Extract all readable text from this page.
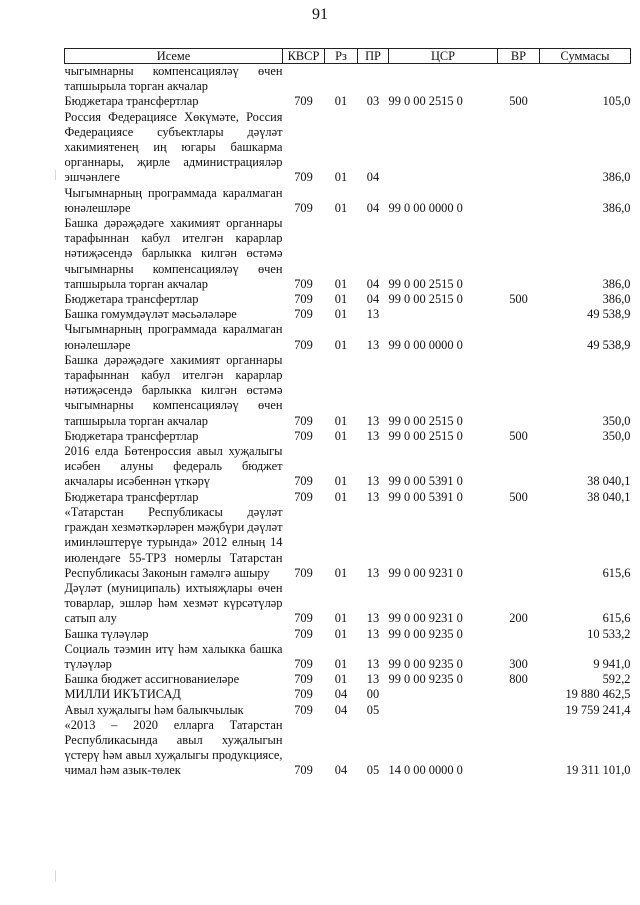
91
Исеме	КВСР	Рз	ПР	ЦСР	ВР	Суммасы
чыгымнарны компенсацияләү өчен тапшырыла торган акчалар						
Бюджетара трансфертлар	709	01	03	99 0 00 2515 0	500	105,0
Россия Федерациясе Хөкүмәте, Россия Федерациясе субъектлары дәүләт хакимиятенең иң югары башкарма органнары, җирле администрацияләр эшчәнлеге	709	01	04			386,0
Чыгымнарның программада каралмаган юнәлешләре	709	01	04	99 0 00 0000 0		386,0
Башка дәрәҗәдәге хакимият органнары тарафыннан кабул ителгән карарлар нәтиҗәсендә барлыкка килгән өстәмә чыгымнарны компенсацияләү өчен тапшырыла торган акчалар	709	01	04	99 0 00 2515 0		386,0
Бюджетара трансфертлар	709	01	04	99 0 00 2515 0	500	386,0
Башка гомумдәүләт мәсьәләләре	709	01	13			49 538,9
Чыгымнарның программада каралмаган юнәлешләре	709	01	13	99 0 00 0000 0		49 538,9
Башка дәрәҗәдәге хакимият органнары тарафыннан кабул ителгән карарлар нәтиҗәсендә барлыкка килгән өстәмә чыгымнарны компенсацияләү өчен тапшырыла торган акчалар	709	01	13	99 0 00 2515 0		350,0
Бюджетара трансфертлар	709	01	13	99 0 00 2515 0	500	350,0
2016 елда Бөтенроссия авыл хуҗалыгы исәбен алуны федераль бюджет акчалары исәбеннән үткәрү	709	01	13	99 0 00 5391 0		38 040,1
Бюджетара трансфертлар	709	01	13	99 0 00 5391 0	500	38 040,1
«Татарстан Республикасы дәүләт граждан хезмәткәрләрен мәҗбүри дәүләт иминләштерүе турында» 2012 елның 14 июлендәге 55-ТРЗ номерлы Татарстан Республикасы Законын гамәлгә ашыру	709	01	13	99 0 00 9231 0		615,6
Дәүләт (муниципаль) ихтыяҗлары өчен товарлар, эшләр һәм хезмәт күрсәтүләр сатып алу	709	01	13	99 0 00 9231 0	200	615,6
Башка түләүләр	709	01	13	99 0 00 9235 0		10 533,2
Социаль тәэмин итү һәм халыкка башка түләүләр	709	01	13	99 0 00 9235 0	300	9 941,0
Башка бюджет ассигнованиеләре	709	01	13	99 0 00 9235 0	800	592,2
МИЛЛИ ИКЪТИСАД	709	04	00			19 880 462,5
Авыл хуҗалыгы һәм балыкчылык	709	04	05			19 759 241,4
«2013 – 2020 елларга Татарстан Республикасында авыл хуҗалыгын үстерү һәм авыл хуҗалыгы продукциясе, чимал һәм азык-төлек	709	04	05	14 0 00 0000 0		19 311 101,0
